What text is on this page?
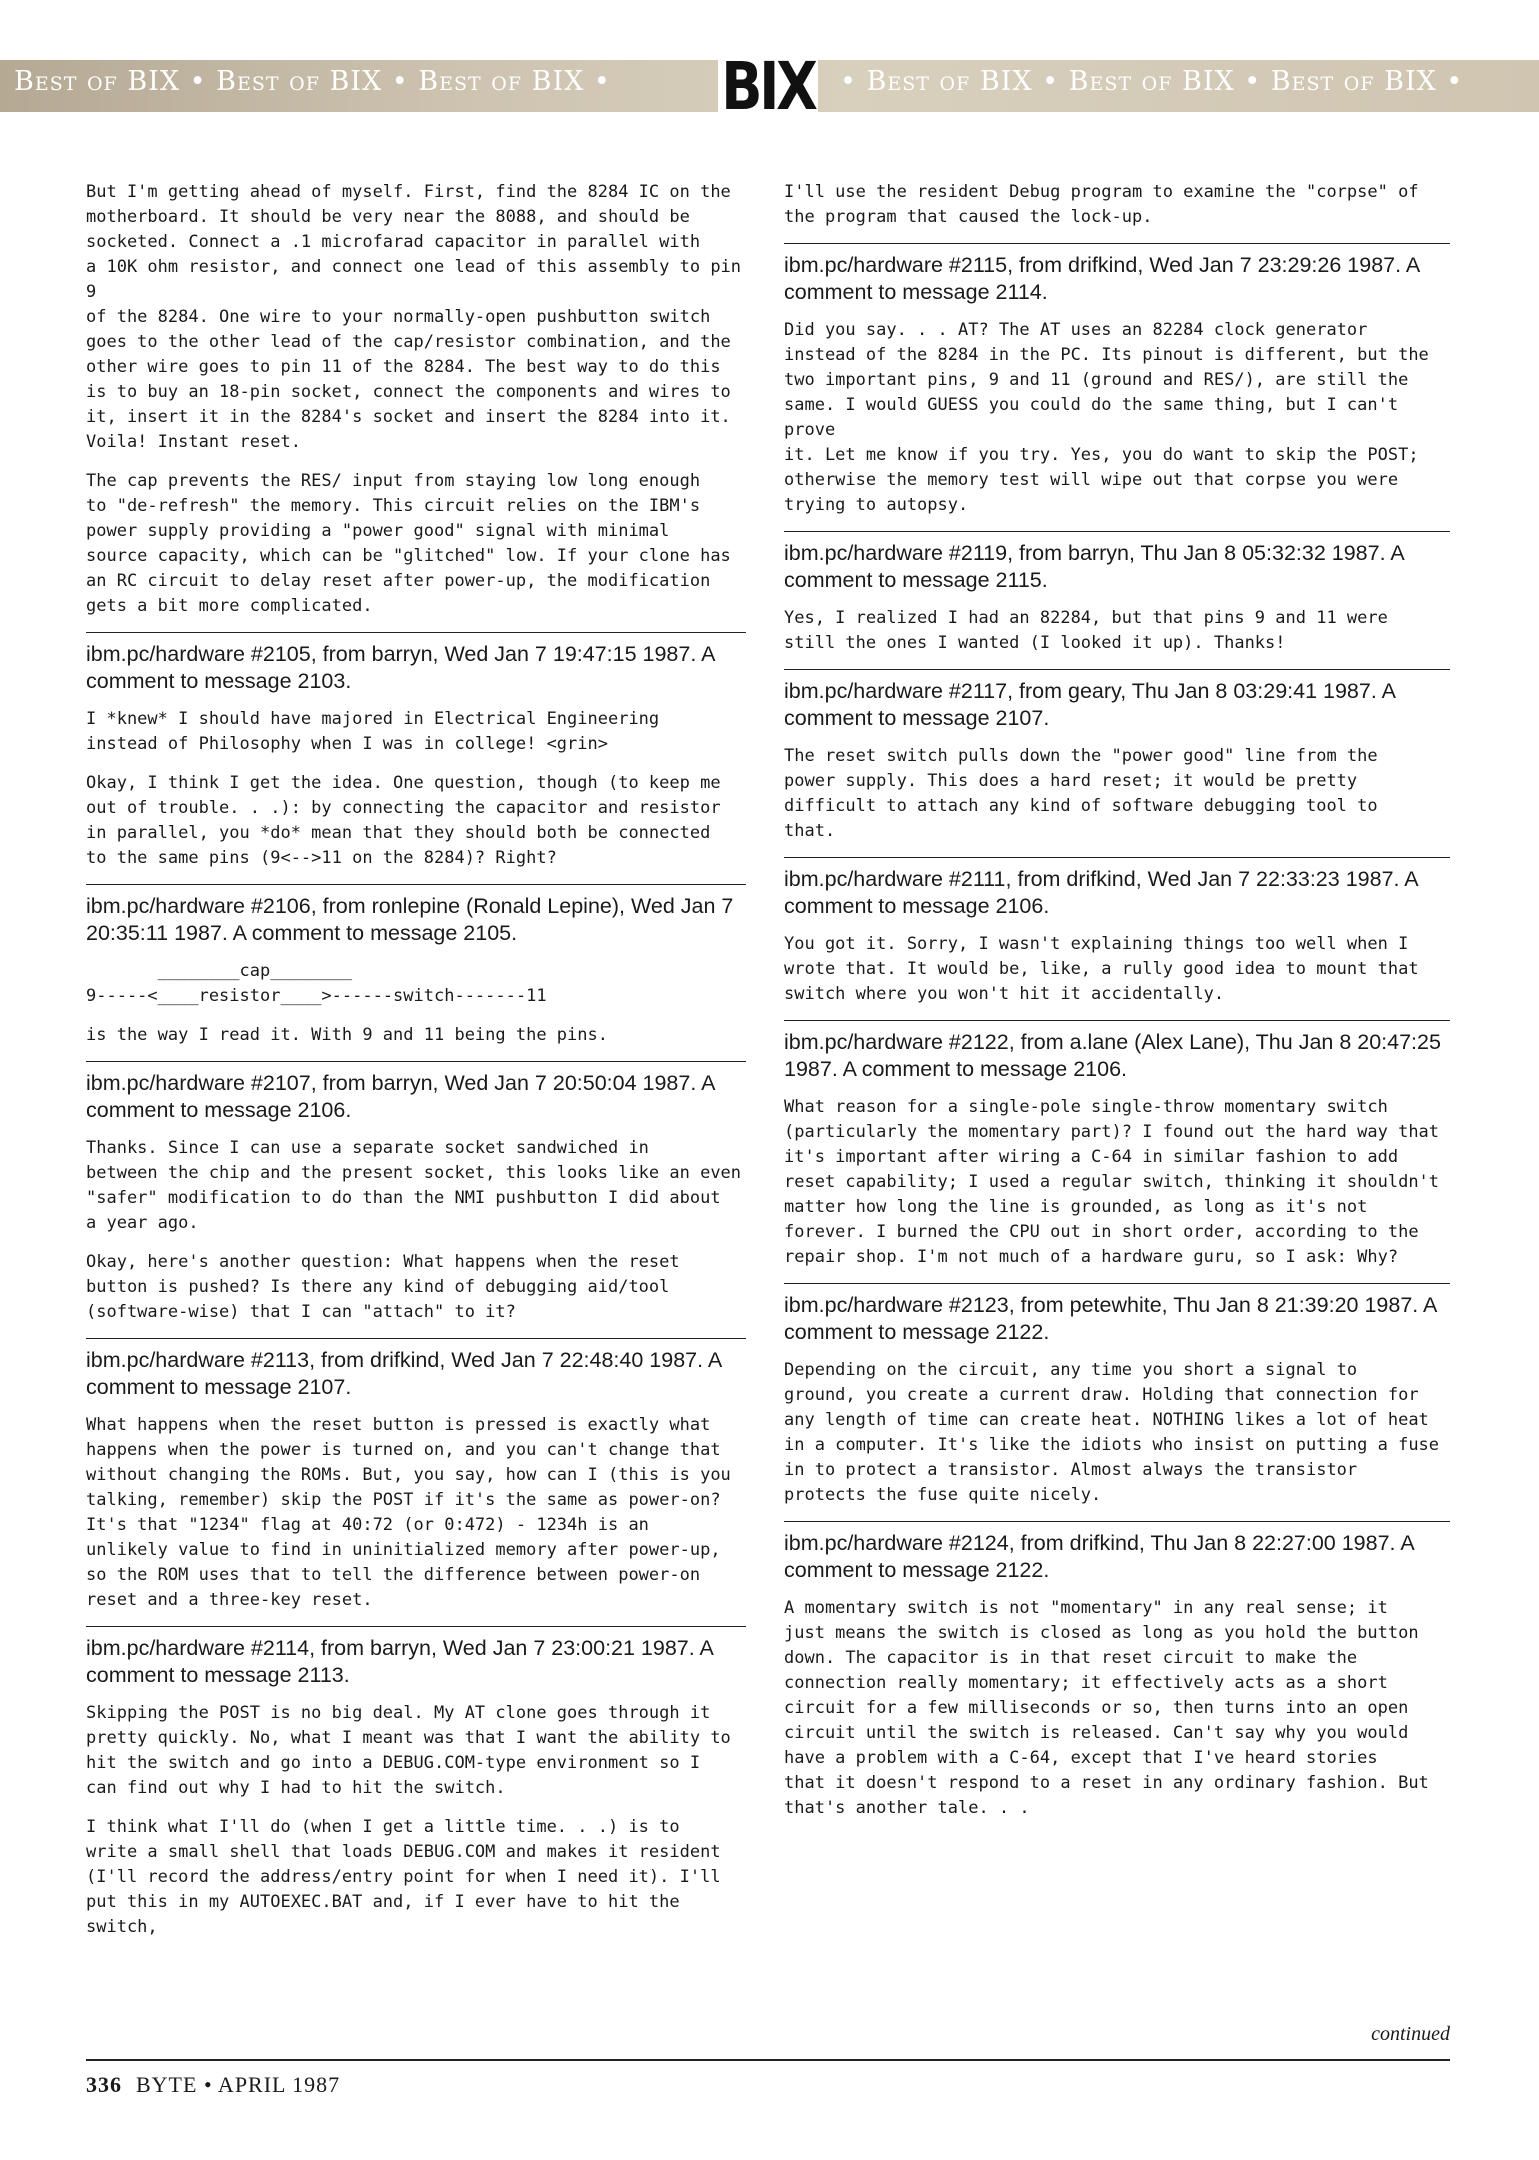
Best of BIX • Best of BIX • Best of BIX • BIX • Best of BIX • Best of BIX • Best of BIX •

But I'm getting ahead of myself. First, find the 8284 IC on the
motherboard. It should be very near the 8088, and should be
socketed. Connect a .1 microfarad capacitor in parallel with
a 10K ohm resistor, and connect one lead of this assembly to pin 9
of the 8284. One wire to your normally-open pushbutton switch
goes to the other lead of the cap/resistor combination, and the
other wire goes to pin 11 of the 8284. The best way to do this
is to buy an 18-pin socket, connect the components and wires to
it, insert it in the 8284's socket and insert the 8284 into it.
Voila! Instant reset.

The cap prevents the RES/ input from staying low long enough
to "de-refresh" the memory. This circuit relies on the IBM's
power supply providing a "power good" signal with minimal
source capacity, which can be "glitched" low. If your clone has
an RC circuit to delay reset after power-up, the modification
gets a bit more complicated.

ibm.pc/hardware #2105, from barryn, Wed Jan 7 19:47:15 1987. A comment to message 2103.

I *knew* I should have majored in Electrical Engineering
instead of Philosophy when I was in college! <grin>

Okay, I think I get the idea. One question, though (to keep me
out of trouble. . .): by connecting the capacitor and resistor
in parallel, you *do* mean that they should both be connected
to the same pins (9<-->11 on the 8284)? Right?

ibm.pc/hardware #2106, from ronlepine (Ronald Lepine), Wed Jan 7 20:35:11 1987. A comment to message 2105.

________cap________
9-----<____resistor____>------switch-------11

is the way I read it. With 9 and 11 being the pins.

ibm.pc/hardware #2107, from barryn, Wed Jan 7 20:50:04 1987. A comment to message 2106.

Thanks. Since I can use a separate socket sandwiched in
between the chip and the present socket, this looks like an even
"safer" modification to do than the NMI pushbutton I did about
a year ago.

Okay, here's another question: What happens when the reset
button is pushed? Is there any kind of debugging aid/tool
(software-wise) that I can "attach" to it?

ibm.pc/hardware #2113, from drifkind, Wed Jan 7 22:48:40 1987. A comment to message 2107.

What happens when the reset button is pressed is exactly what
happens when the power is turned on, and you can't change that
without changing the ROMs. But, you say, how can I (this is you
talking, remember) skip the POST if it's the same as power-on?
It's that "1234" flag at 40:72 (or 0:472) - 1234h is an
unlikely value to find in uninitialized memory after power-up,
so the ROM uses that to tell the difference between power-on
reset and a three-key reset.

ibm.pc/hardware #2114, from barryn, Wed Jan 7 23:00:21 1987. A comment to message 2113.

Skipping the POST is no big deal. My AT clone goes through it
pretty quickly. No, what I meant was that I want the ability to
hit the switch and go into a DEBUG.COM-type environment so I
can find out why I had to hit the switch.

I think what I'll do (when I get a little time. . .) is to
write a small shell that loads DEBUG.COM and makes it resident
(I'll record the address/entry point for when I need it). I'll
put this in my AUTOEXEC.BAT and, if I ever have to hit the switch,

I'll use the resident Debug program to examine the "corpse" of
the program that caused the lock-up.

ibm.pc/hardware #2115, from drifkind, Wed Jan 7 23:29:26 1987. A comment to message 2114.

Did you say. . . AT? The AT uses an 82284 clock generator
instead of the 8284 in the PC. Its pinout is different, but the
two important pins, 9 and 11 (ground and RES/), are still the
same. I would GUESS you could do the same thing, but I can't prove
it. Let me know if you try. Yes, you do want to skip the POST;
otherwise the memory test will wipe out that corpse you were
trying to autopsy.

ibm.pc/hardware #2119, from barryn, Thu Jan 8 05:32:32 1987. A comment to message 2115.

Yes, I realized I had an 82284, but that pins 9 and 11 were
still the ones I wanted (I looked it up). Thanks!

ibm.pc/hardware #2117, from geary, Thu Jan 8 03:29:41 1987. A comment to message 2107.

The reset switch pulls down the "power good" line from the
power supply. This does a hard reset; it would be pretty
difficult to attach any kind of software debugging tool to
that.

ibm.pc/hardware #2111, from drifkind, Wed Jan 7 22:33:23 1987. A comment to message 2106.

You got it. Sorry, I wasn't explaining things too well when I
wrote that. It would be, like, a rully good idea to mount that
switch where you won't hit it accidentally.

ibm.pc/hardware #2122, from a.lane (Alex Lane), Thu Jan 8 20:47:25 1987. A comment to message 2106.

What reason for a single-pole single-throw momentary switch
(particularly the momentary part)? I found out the hard way that
it's important after wiring a C-64 in similar fashion to add
reset capability; I used a regular switch, thinking it shouldn't
matter how long the line is grounded, as long as it's not
forever. I burned the CPU out in short order, according to the
repair shop. I'm not much of a hardware guru, so I ask: Why?

ibm.pc/hardware #2123, from petewhite, Thu Jan 8 21:39:20 1987. A comment to message 2122.

Depending on the circuit, any time you short a signal to
ground, you create a current draw. Holding that connection for
any length of time can create heat. NOTHING likes a lot of heat
in a computer. It's like the idiots who insist on putting a fuse
in to protect a transistor. Almost always the transistor
protects the fuse quite nicely.

ibm.pc/hardware #2124, from drifkind, Thu Jan 8 22:27:00 1987. A comment to message 2122.

A momentary switch is not "momentary" in any real sense; it
just means the switch is closed as long as you hold the button
down. The capacitor is in that reset circuit to make the
connection really momentary; it effectively acts as a short
circuit for a few milliseconds or so, then turns into an open
circuit until the switch is released. Can't say why you would
have a problem with a C-64, except that I've heard stories
that it doesn't respond to a reset in any ordinary fashion. But
that's another tale. . .

continued
336 BYTE • APRIL 1987
